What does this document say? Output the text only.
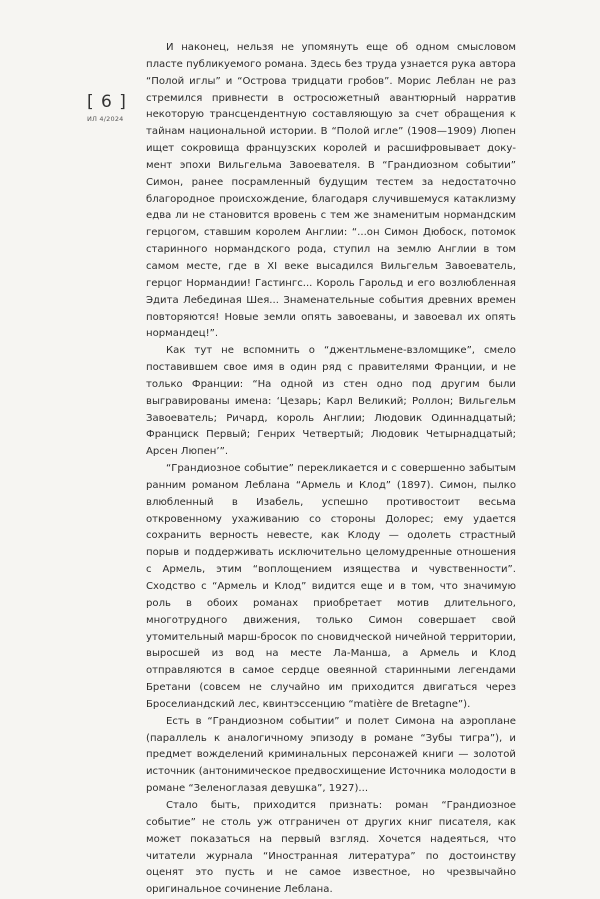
[ 6 ]
ИЛ 4/2024

И наконец, нельзя не упомянуть еще об одном смысловом пласте публикуемого романа. Здесь без труда узнается рука автора “Полой иглы” и “Острова тридцати гробов”. Морис Леблан не раз стремился привнести в остросюжетный авантюрный нарратив некоторую трансцендентную составляющую за счет обращения к тайнам национальной истории. В “Полой игле” (1908—1909) Люпен ищет сокровища французских королей и расшифровывает документ эпохи Вильгельма Завоевателя. В “Грандиозном событии” Симон, ранее посрамленный будущим тестем за недостаточно благородное происхождение, благодаря случившемуся катаклизму едва ли не становится вровень с тем же знаменитым нормандским герцогом, ставшим королем Англии: “...он Симон Дюбоск, потомок старинного нормандского рода, ступил на землю Англии в том самом месте, где в XI веке высадился Вильгельм Завоеватель, герцог Нормандии! Гастингс... Король Гарольд и его возлюбленная Эдита Лебединая Шея... Знаменательные события древних времен повторяются! Новые земли опять завоеваны, и завоевал их опять нормандец!”.

Как тут не вспомнить о “джентльмене-взломщике”, смело поставившем свое имя в один ряд с правителями Франции, и не только Франции: “На одной из стен одно под другим были выгравированы имена: ‘Цезарь; Карл Великий; Роллон; Вильгельм Завоеватель; Ричард, король Англии; Людовик Одиннадцатый; Франциск Первый; Генрих Четвертый; Людовик Четырнадцатый; Арсен Люпен’”.

“Грандиозное событие” перекликается и с совершенно забытым ранним романом Леблана “Армель и Клод” (1897). Симон, пылко влюбленный в Изабель, успешно противостоит весьма откровенному ухаживанию со стороны Долорес; ему удается сохранить верность невесте, как Клоду — одолеть страстный порыв и поддерживать исключительно целомудренные отношения с Армель, этим “воплощением изящества и чувственности”. Сходство с “Армель и Клод” видится еще и в том, что значимую роль в обоих романах приобретает мотив длительного, многотрудного движения, только Симон совершает свой утомительный марш-бросок по сновидческой ничейной территории, выросшей из вод на месте Ла-Манша, а Армель и Клод отправляются в самое сердце овеянной старинными легендами Бретани (совсем не случайно им приходится двигаться через Броселиандский лес, квинтэссенцию “matière de Bretagne”).

Есть в “Грандиозном событии” и полет Симона на аэроплане (параллель к аналогичному эпизоду в романе “Зубы тигра”), и предмет вожделений криминальных персонажей книги — золотой источник (антонимическое предвосхищение Источника молодости в романе “Зеленоглазая девушка”, 1927)...

Стало быть, приходится признать: роман “Грандиозное событие” не столь уж отграничен от других книг писателя, как может показаться на первый взгляд. Хочется надеяться, что читатели журнала “Иностранная литература” по достоинству оценят это пусть и не самое известное, но чрезвычайно оригинальное сочинение Леблана.
